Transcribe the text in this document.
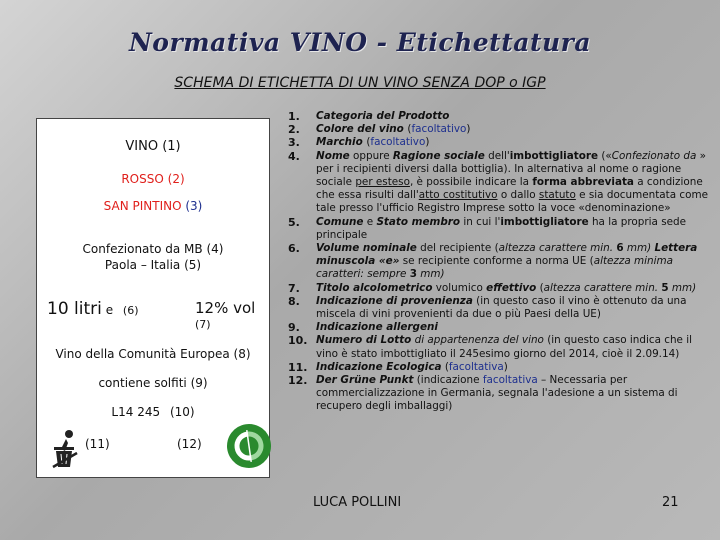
Normativa VINO - Etichettatura
SCHEMA DI ETICHETTA DI UN VINO SENZA DOP o IGP
VINO (1)
ROSSO (2)
SAN PINTINO (3)
Confezionato da MB (4)
Paola – Italia (5)
10 litri e (6)	12% vol (7)
Vino della Comunità Europea (8)
contiene solfiti (9)
L14 245 (10)
(11)	(12)
1.	Categoria del Prodotto
2.	Colore del vino (facoltativo)
3.	Marchio (facoltativo)
4.	Nome oppure Ragione sociale dell'imbottigliatore («Confezionato da » per i recipienti diversi dalla bottiglia). In alternativa al nome o ragione sociale per esteso, è possibile indicare la forma abbreviata a condizione che essa risulti dall'atto costitutivo o dallo statuto e sia documentata come tale presso l'ufficio Registro Imprese sotto la voce «denominazione»
5.	Comune e Stato membro in cui l'imbottigliatore ha la propria sede principale
6.	Volume nominale del recipiente (altezza carattere min. 6 mm) Lettera minuscola «e» se recipiente conforme a norma UE (altezza minima caratteri: sempre 3 mm)
7.	Titolo alcolometrico volumico effettivo (altezza carattere min. 5 mm)
8.	Indicazione di provenienza (in questo caso il vino è ottenuto da una miscela di vini provenienti da due o più Paesi della UE)
9.	Indicazione allergeni
10. Numero di Lotto di appartenenza del vino (in questo caso indica che il vino è stato imbottigliato il 245esimo giorno del 2014, cioè il 2.09.14)
11. Indicazione Ecologica (facoltativa)
12. Der Grüne Punkt (indicazione facoltativa – Necessaria per commercializzazione in Germania, segnala l'adesione a un sistema di recupero degli imballaggi)
LUCA POLLINI	21
